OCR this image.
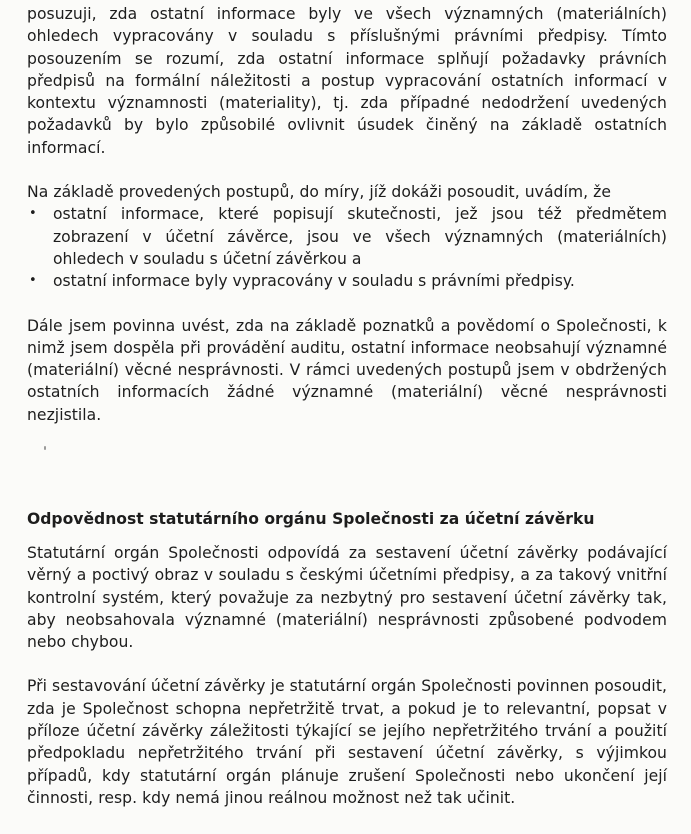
posuzuji, zda ostatní informace byly ve všech významných (materiálních) ohledech vypracovány v souladu s příslušnými právními předpisy. Tímto posouzením se rozumí, zda ostatní informace splňují požadavky právních předpisů na formální náležitosti a postup vypracování ostatních informací v kontextu významnosti (materiality), tj. zda případné nedodržení uvedených požadavků by bylo způsobilé ovlivnit úsudek činěný na základě ostatních informací.

Na základě provedených postupů, do míry, jíž dokáži posoudit, uvádím, že

• ostatní informace, které popisují skutečnosti, jež jsou též předmětem zobrazení v účetní závěrce, jsou ve všech významných (materiálních) ohledech v souladu s účetní závěrkou a
• ostatní informace byly vypracovány v souladu s právními předpisy.

Dále jsem povinna uvést, zda na základě poznatků a povědomí o Společnosti, k nimž jsem dospěla při provádění auditu, ostatní informace neobsahují významné (materiální) věcné nesprávnosti. V rámci uvedených postupů jsem v obdržených ostatních informacích žádné významné (materiální) věcné nesprávnosti nezjistila.

Odpovědnost statutárního orgánu Společnosti za účetní závěrku

Statutární orgán Společnosti odpovídá za sestavení účetní závěrky podávající věrný a poctivý obraz v souladu s českými účetními předpisy, a za takový vnitřní kontrolní systém, který považuje za nezbytný pro sestavení účetní závěrky tak, aby neobsahovala významné (materiální) nesprávnosti způsobené podvodem nebo chybou.

Při sestavování účetní závěrky je statutární orgán Společnosti povinnen posoudit, zda je Společnost schopna nepřetržitě trvat, a pokud je to relevantní, popsat v příloze účetní závěrky záležitosti týkající se jejího nepřetržitého trvání a použití předpokladu nepřetržitého trvání při sestavení účetní závěrky, s výjimkou případů, kdy statutární orgán plánuje zrušení Společnosti nebo ukončení její činnosti, resp. kdy nemá jinou reálnou možnost než tak učinit.
